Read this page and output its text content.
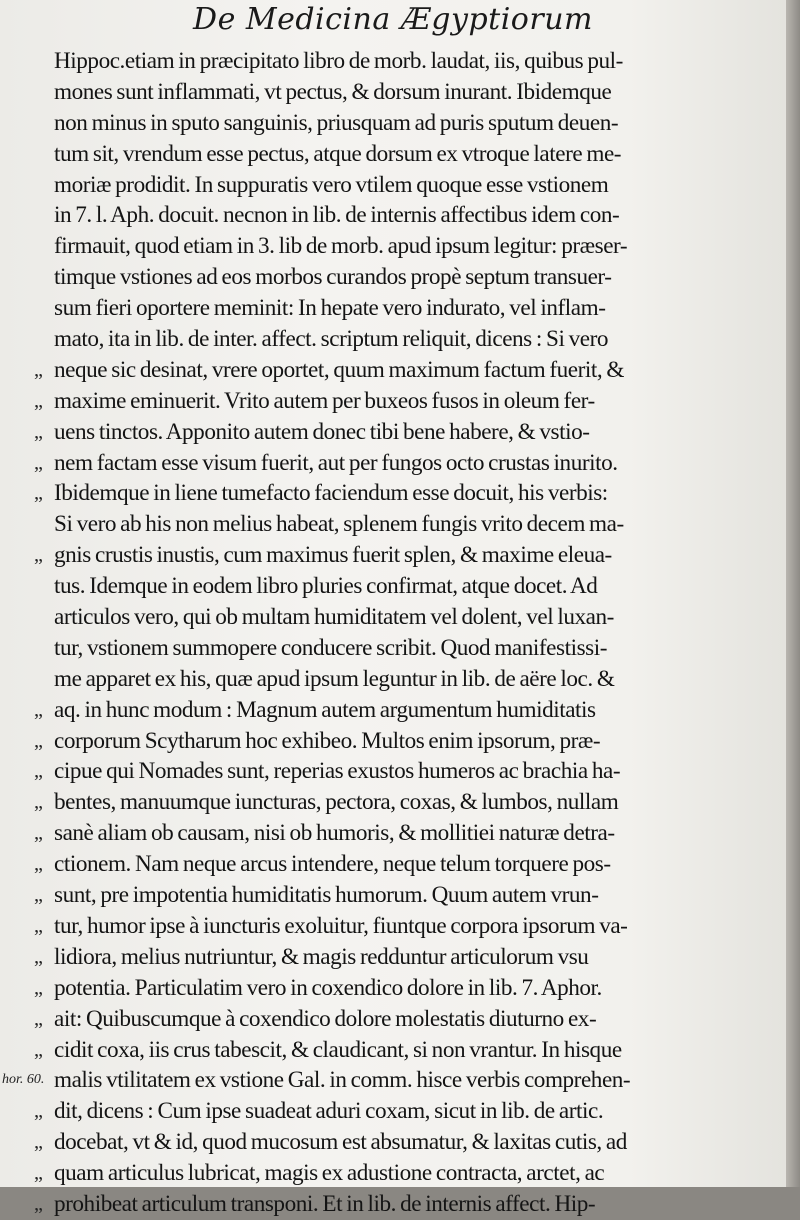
De Medicina Ægyptiorum
„
„
„
„
„
„
„
„
„
„
„
„
„
„
„
„
„
„
hor. 60.
„
„
„
„
Hippoc.etiam in præcipitato libro de morb. laudat, iis, quibus pul-
mones sunt inflammati, vt pectus, & dorsum inurant. Ibidemque
non minus in sputo sanguinis, priusquam ad puris sputum deuen-
tum sit, vrendum esse pectus, atque dorsum ex vtroque latere me-
moriæ prodidit. In suppuratis vero vtilem quoque esse vstionem
in 7. l. Aph. docuit. necnon in lib. de internis affectibus idem con-
firmauit, quod etiam in 3. lib de morb. apud ipsum legitur: præser-
timque vstiones ad eos morbos curandos propè septum transuer-
sum fieri oportere meminit: In hepate vero indurato, vel inflam-
mato, ita in lib. de inter. affect. scriptum reliquit, dicens : Si vero
neque sic desinat, vrere oportet, quum maximum factum fuerit, &
maxime eminuerit. Vrito autem per buxeos fusos in oleum fer-
uens tinctos. Apponito autem donec tibi bene habere, & vstio-
nem factam esse visum fuerit, aut per fungos octo crustas inurito.
Ibidemque in liene tumefacto faciendum esse docuit, his verbis:
Si vero ab his non melius habeat, splenem fungis vrito decem ma-
gnis crustis inustis, cum maximus fuerit splen, & maxime eleua-
tus. Idemque in eodem libro pluries confirmat, atque docet. Ad
articulos vero, qui ob multam humiditatem vel dolent, vel luxan-
tur, vstionem summopere conducere scribit. Quod manifestissi-
me apparet ex his, quæ apud ipsum leguntur in lib. de aëre loc. &
aq. in hunc modum : Magnum autem argumentum humiditatis
corporum Scytharum hoc exhibeo. Multos enim ipsorum, præ-
cipue qui Nomades sunt, reperias exustos humeros ac brachia ha-
bentes, manuumque iuncturas, pectora, coxas, & lumbos, nullam
sanè aliam ob causam, nisi ob humoris, & mollitiei naturæ detra-
ctionem. Nam neque arcus intendere, neque telum torquere pos-
sunt, pre impotentia humiditatis humorum. Quum autem vrun-
tur, humor ipse à iuncturis exoluitur, fiuntque corpora ipsorum va-
lidiora, melius nutriuntur, & magis redduntur articulorum vsu
potentia. Particulatim vero in coxendico dolore in lib. 7. Aphor.
ait: Quibuscumque à coxendico dolore molestatis diuturno ex-
cidit coxa, iis crus tabescit, & claudicant, si non vrantur. In hisque
malis vtilitatem ex vstione Gal. in comm. hisce verbis comprehen-
dit, dicens : Cum ipse suadeat aduri coxam, sicut in lib. de artic.
docebat, vt & id, quod mucosum est absumatur, & laxitas cutis, ad
quam articulus lubricat, magis ex adustione contracta, arctet, ac
prohibeat articulum transponi. Et in lib. de internis affect. Hip-
